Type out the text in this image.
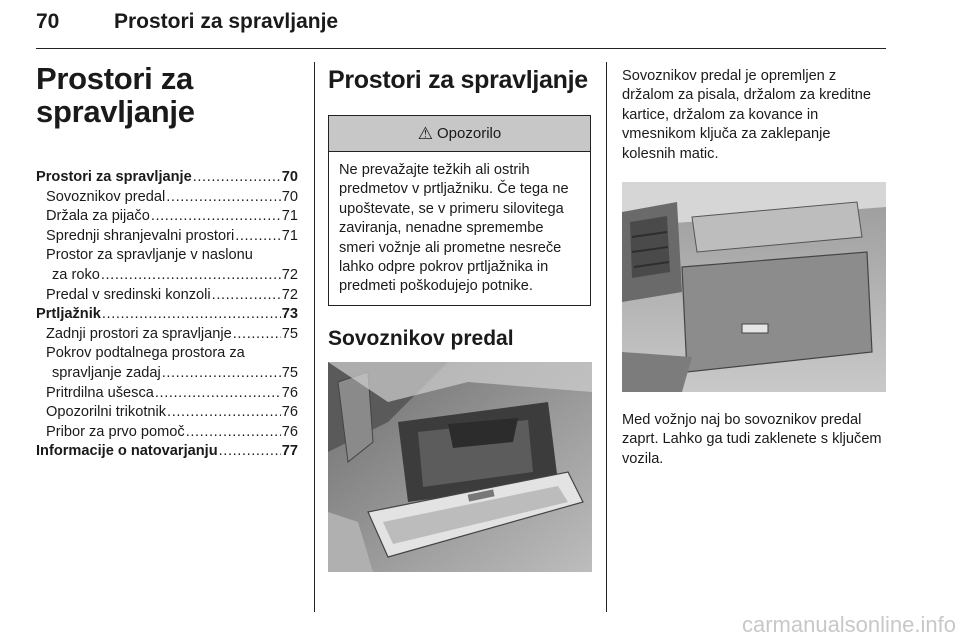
70	Prostori za spravljanje
Prostori za
spravljanje
Prostori za spravljanje .....	70
Sovoznikov predal .....	70
Držala za pijačo .....	71
Sprednji shranjevalni prostori .....	71
Prostor za spravljanje v naslonu
za roko .....	72
Predal v sredinski konzoli .....	72
Prtljažnik .....	73
Zadnji prostori za spravljanje .....	75
Pokrov podtalnega prostora za
spravljanje zadaj .....	75
Pritrdilna ušesca .....	76
Opozorilni trikotnik .....	76
Pribor za prvo pomoč .....	76
Informacije o natovarjanju .....	77
Prostori za spravljanje
⚠ Opozorilo
Ne prevažajte težkih ali ostrih predmetov v prtljažniku. Če tega ne upoštevate, se v primeru silovitega zaviranja, nenadne spremembe smeri vožnje ali prometne nesreče lahko odpre pokrov prtljažnika in predmeti poškodujejo potnike.
Sovoznikov predal

Sovoznikov predal je opremljen z držalom za pisala, držalom za kreditne kartice, držalom za kovance in vmesnikom ključa za zaklepanje kolesnih matic.

Med vožnjo naj bo sovoznikov predal zaprt. Lahko ga tudi zaklenete s ključem vozila.

carmanualsonline.info
